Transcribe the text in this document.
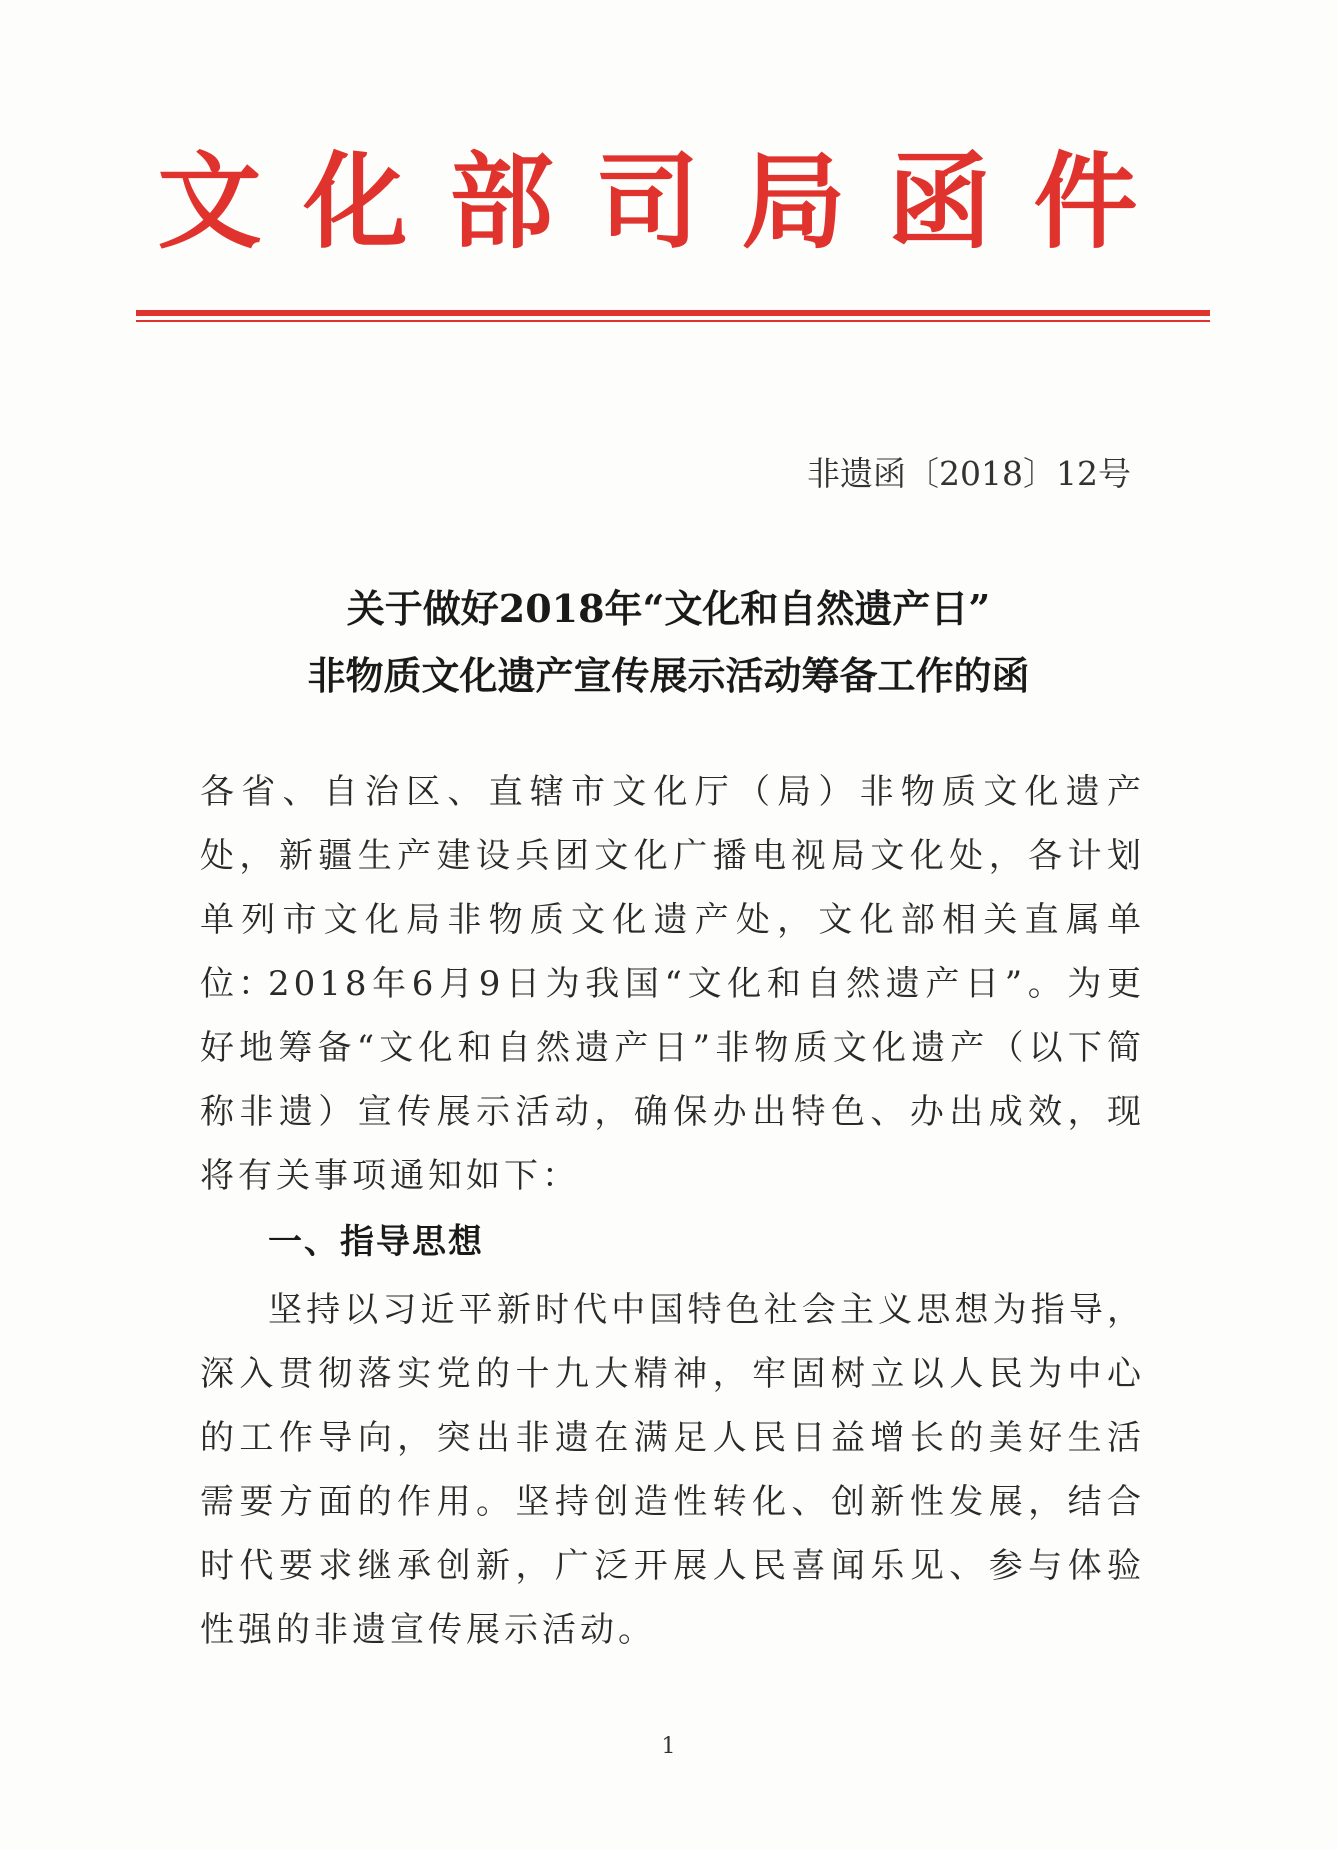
文化部司局函件
非遗函〔2018〕12号
关于做好2018年“文化和自然遗产日”
非物质文化遗产宣传展示活动筹备工作的函
各省、自治区、直辖市文化厅（局）非物质文化遗产处，新疆生产建设兵团文化广播电视局文化处，各计划单列市文化局非物质文化遗产处，文化部相关直属单位：
2018年6月9日为我国“文化和自然遗产日”。为更好地筹备“文化和自然遗产日”非物质文化遗产（以下简称非遗）宣传展示活动，确保办出特色、办出成效，现将有关事项通知如下：
一、指导思想
坚持以习近平新时代中国特色社会主义思想为指导，深入贯彻落实党的十九大精神，牢固树立以人民为中心的工作导向，突出非遗在满足人民日益增长的美好生活需要方面的作用。坚持创造性转化、创新性发展，结合时代要求继承创新，广泛开展人民喜闻乐见、参与体验性强的非遗宣传展示活动。
1
